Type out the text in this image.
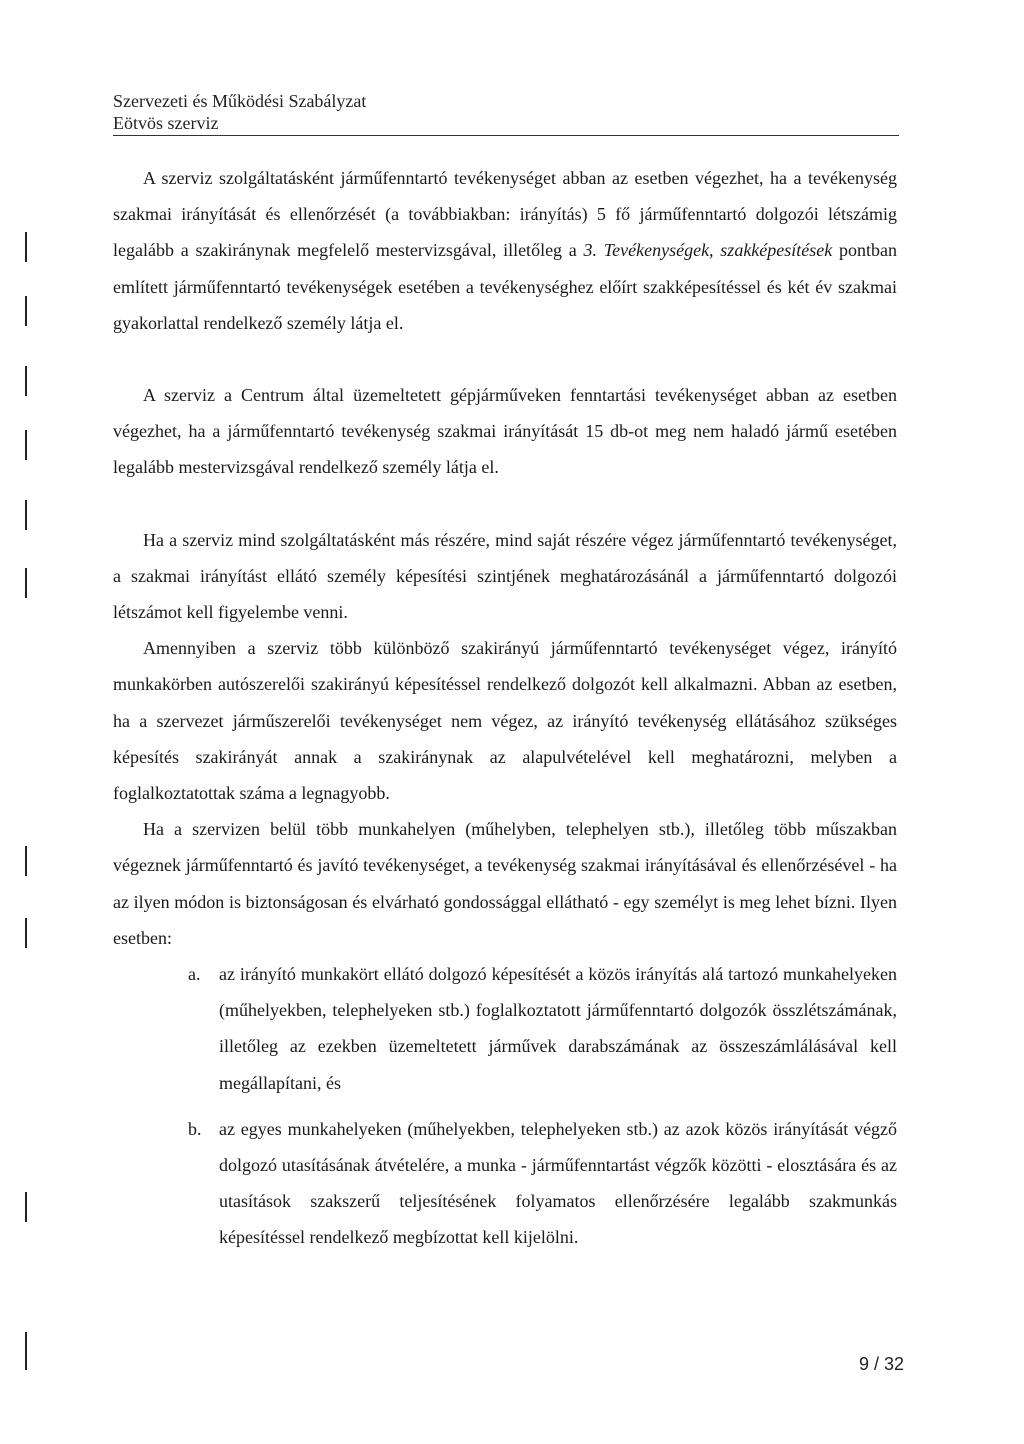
Szervezeti és Működési Szabályzat
Eötvös szerviz

A szerviz szolgáltatásként járműfenntartó tevékenységet abban az esetben végezhet, ha a tevékenység szakmai irányítását és ellenőrzését (a továbbiakban: irányítás) 5 fő járműfenntartó dolgozói létszámig legalább a szakiránynak megfelelő mestervizsgával, illetőleg a 3. Tevékenységek, szakképesítések pontban említett járműfenntartó tevékenységek esetében a tevékenységhez előírt szakképesítéssel és két év szakmai gyakorlattal rendelkező személy látja el.

A szerviz a Centrum által üzemeltetett gépjárműveken fenntartási tevékenységet abban az esetben végezhet, ha a járműfenntartó tevékenység szakmai irányítását 15 db-ot meg nem haladó jármű esetében legalább mestervizsgával rendelkező személy látja el.

Ha a szerviz mind szolgáltatásként más részére, mind saját részére végez járműfenntartó tevékenységet, a szakmai irányítást ellátó személy képesítési szintjének meghatározásánál a járműfenntartó dolgozói létszámot kell figyelembe venni.

Amennyiben a szerviz több különböző szakirányú járműfenntartó tevékenységet végez, irányító munkakörben autószerelői szakirányú képesítéssel rendelkező dolgozót kell alkalmazni. Abban az esetben, ha a szervezet járműszerelői tevékenységet nem végez, az irányító tevékenység ellátásához szükséges képesítés szakirányát annak a szakiránynak az alapulvételével kell meghatározni, melyben a foglalkoztatottak száma a legnagyobb.

Ha a szervizen belül több munkahelyen (műhelyben, telephelyen stb.), illetőleg több műszakban végeznek járműfenntartó és javító tevékenységet, a tevékenység szakmai irányításával és ellenőrzésével - ha az ilyen módon is biztonságosan és elvárható gondossággal ellátható - egy személyt is meg lehet bízni. Ilyen esetben:

a. az irányító munkakört ellátó dolgozó képesítését a közös irányítás alá tartozó munkahelyeken (műhelyekben, telephelyeken stb.) foglalkoztatott járműfenntartó dolgozók összlétszámának, illetőleg az ezekben üzemeltetett járművek darabszámának az összeszámlálásával kell megállapítani, és
b. az egyes munkahelyeken (műhelyekben, telephelyeken stb.) az azok közös irányítását végző dolgozó utasításának átvételére, a munka - járműfenntartást végzők közötti - elosztására és az utasítások szakszerű teljesítésének folyamatos ellenőrzésére legalább szakmunkás képesítéssel rendelkező megbízottat kell kijelölni.
9 / 32
